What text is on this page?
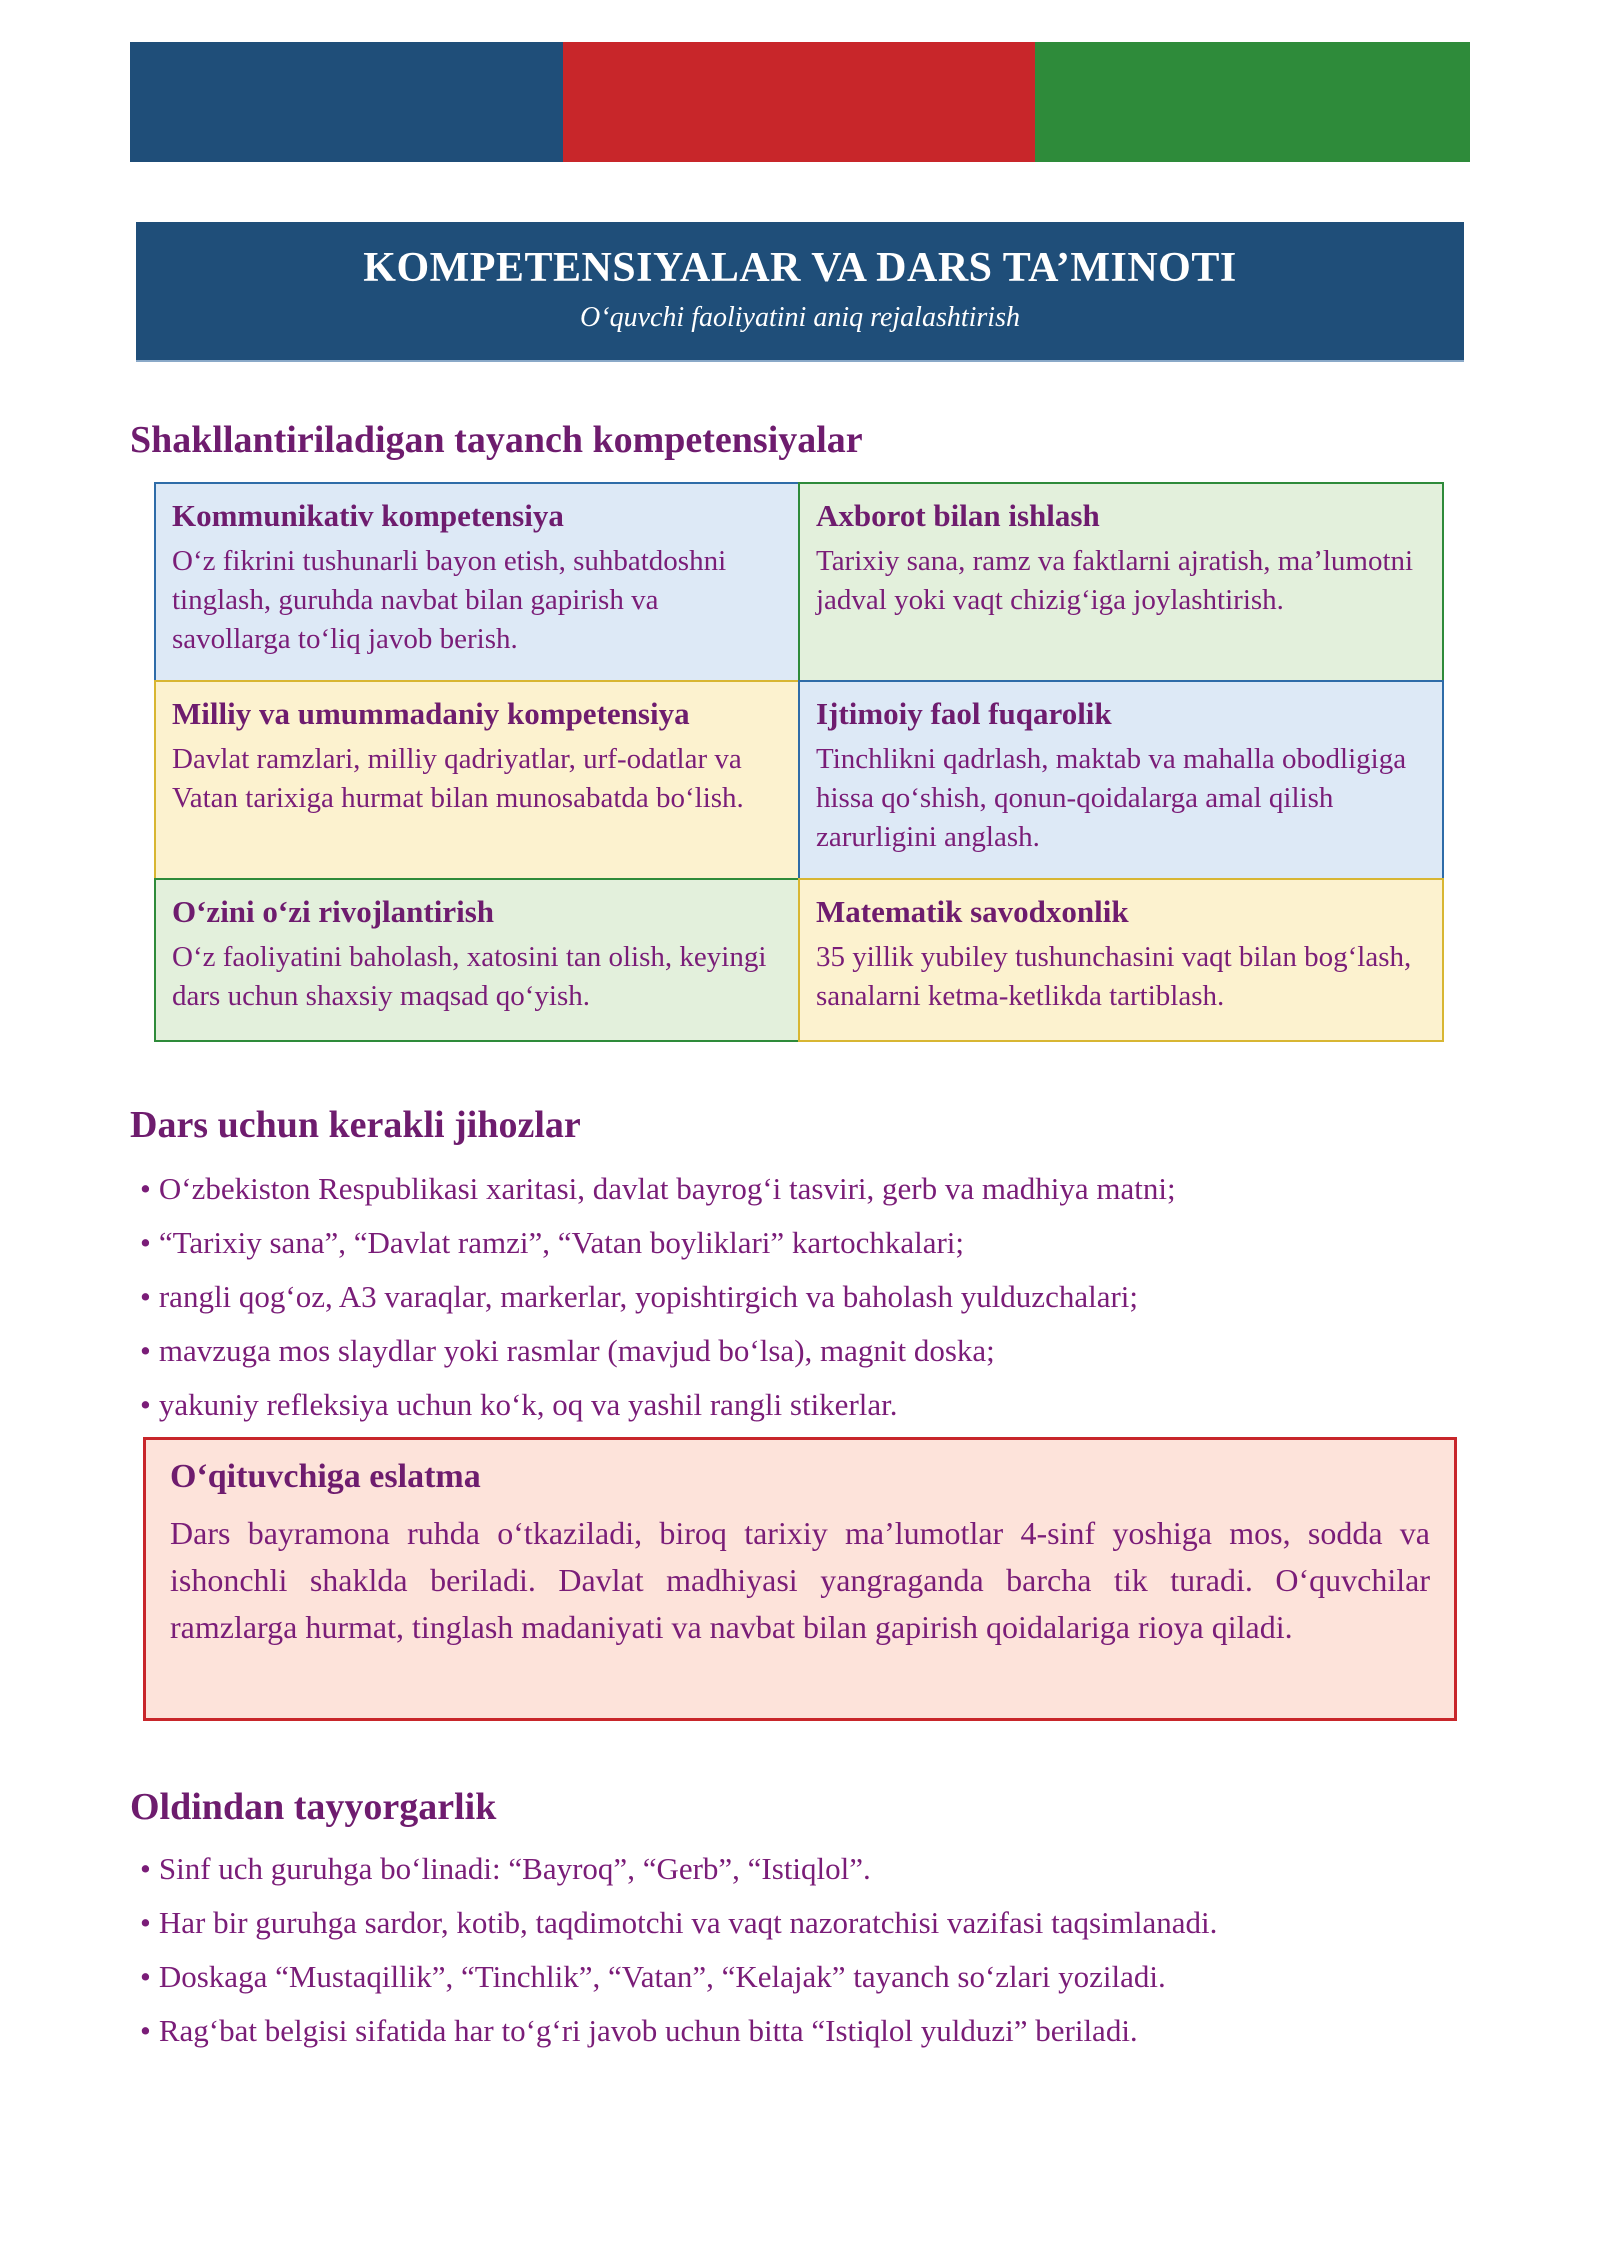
KOMPETENSIYALAR VA DARS TA’MINOTI
O‘quvchi faoliyatini aniq rejalashtirish
Shakllantiriladigan tayanch kompetensiyalar
Kommunikativ kompetensiya
O‘z fikrini tushunarli bayon etish, suhbatdoshni tinglash, guruhda navbat bilan gapirish va savollarga to‘liq javob berish.
Axborot bilan ishlash
Tarixiy sana, ramz va faktlarni ajratish, ma’lumotni jadval yoki vaqt chizig‘iga joylashtirish.
Milliy va umummadaniy kompetensiya
Davlat ramzlari, milliy qadriyatlar, urf-odatlar va Vatan tarixiga hurmat bilan munosabatda bo‘lish.
Ijtimoiy faol fuqarolik
Tinchlikni qadrlash, maktab va mahalla obodligiga hissa qo‘shish, qonun-qoidalarga amal qilish zarurligini anglash.
O‘zini o‘zi rivojlantirish
O‘z faoliyatini baholash, xatosini tan olish, keyingi dars uchun shaxsiy maqsad qo‘yish.
Matematik savodxonlik
35 yillik yubiley tushunchasini vaqt bilan bog‘lash, sanalarni ketma-ketlikda tartiblash.
Dars uchun kerakli jihozlar
• O‘zbekiston Respublikasi xaritasi, davlat bayrog‘i tasviri, gerb va madhiya matni;
• “Tarixiy sana”, “Davlat ramzi”, “Vatan boyliklari” kartochkalari;
• rangli qog‘oz, A3 varaqlar, markerlar, yopishtirgich va baholash yulduzchalari;
• mavzuga mos slaydlar yoki rasmlar (mavjud bo‘lsa), magnit doska;
• yakuniy refleksiya uchun ko‘k, oq va yashil rangli stikerlar.
O‘qituvchiga eslatma
Dars bayramona ruhda o‘tkaziladi, biroq tarixiy ma’lumotlar 4-sinf yoshiga mos, sodda va ishonchli shaklda beriladi. Davlat madhiyasi yangraganda barcha tik turadi. O‘quvchilar ramzlarga hurmat, tinglash madaniyati va navbat bilan gapirish qoidalariga rioya qiladi.
Oldindan tayyorgarlik
• Sinf uch guruhga bo‘linadi: “Bayroq”, “Gerb”, “Istiqlol”.
• Har bir guruhga sardor, kotib, taqdimotchi va vaqt nazoratchisi vazifasi taqsimlanadi.
• Doskaga “Mustaqillik”, “Tinchlik”, “Vatan”, “Kelajak” tayanch so‘zlari yoziladi.
• Rag‘bat belgisi sifatida har to‘g‘ri javob uchun bitta “Istiqlol yulduzi” beriladi.
